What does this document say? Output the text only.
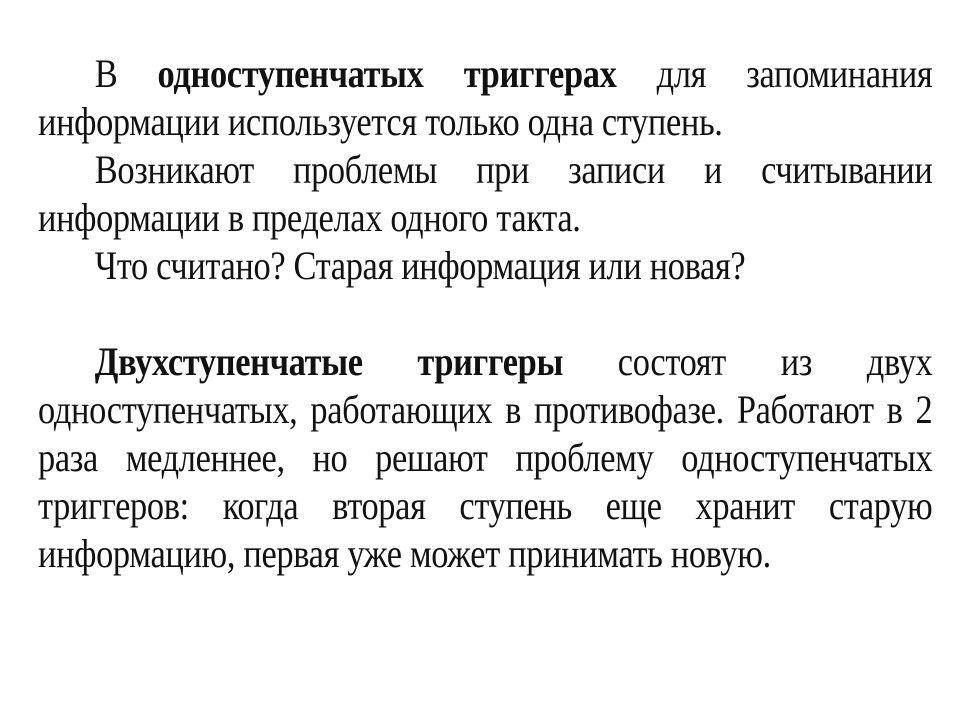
В одноступенчатых триггерах для запоминания информации используется только одна ступень.

Возникают проблемы при записи и считывании информации в пределах одного такта.

Что считано? Старая информация или новая?

Двухступенчатые триггеры состоят из двух одноступенчатых, работающих в противофазе. Работают в 2 раза медленнее, но решают проблему одноступенчатых триггеров: когда вторая ступень еще хранит старую информацию, первая уже может принимать новую.
